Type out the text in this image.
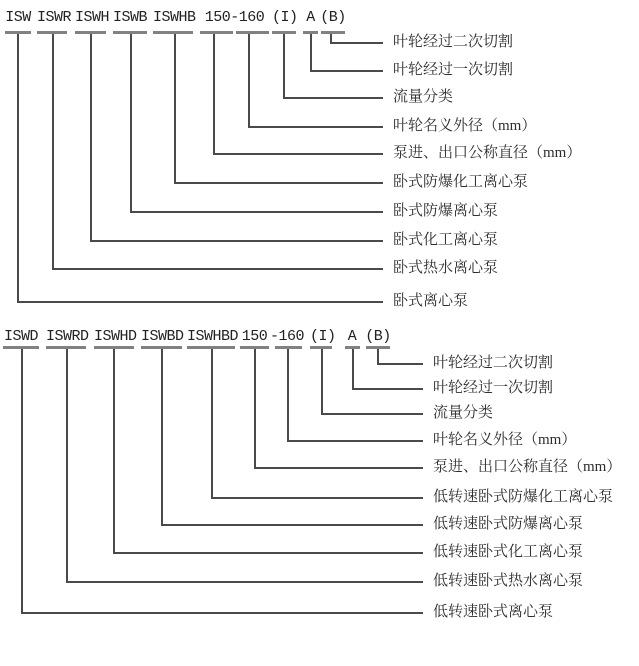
ISW ISWR ISWH ISWB ISWHB 150-160 (I) A (B)
叶轮经过二次切割
叶轮经过一次切割
流量分类
叶轮名义外径（mm）
泵进、出口公称直径（mm）
卧式防爆化工离心泵
卧式防爆离心泵
卧式化工离心泵
卧式热水离心泵
卧式离心泵
ISWD ISWRD ISWHD ISWBD ISWHBD 150 -160 (I) A (B)
叶轮经过二次切割
叶轮经过一次切割
流量分类
叶轮名义外径（mm）
泵进、出口公称直径（mm）
低转速卧式防爆化工离心泵
低转速卧式防爆离心泵
低转速卧式化工离心泵
低转速卧式热水离心泵
低转速卧式离心泵
